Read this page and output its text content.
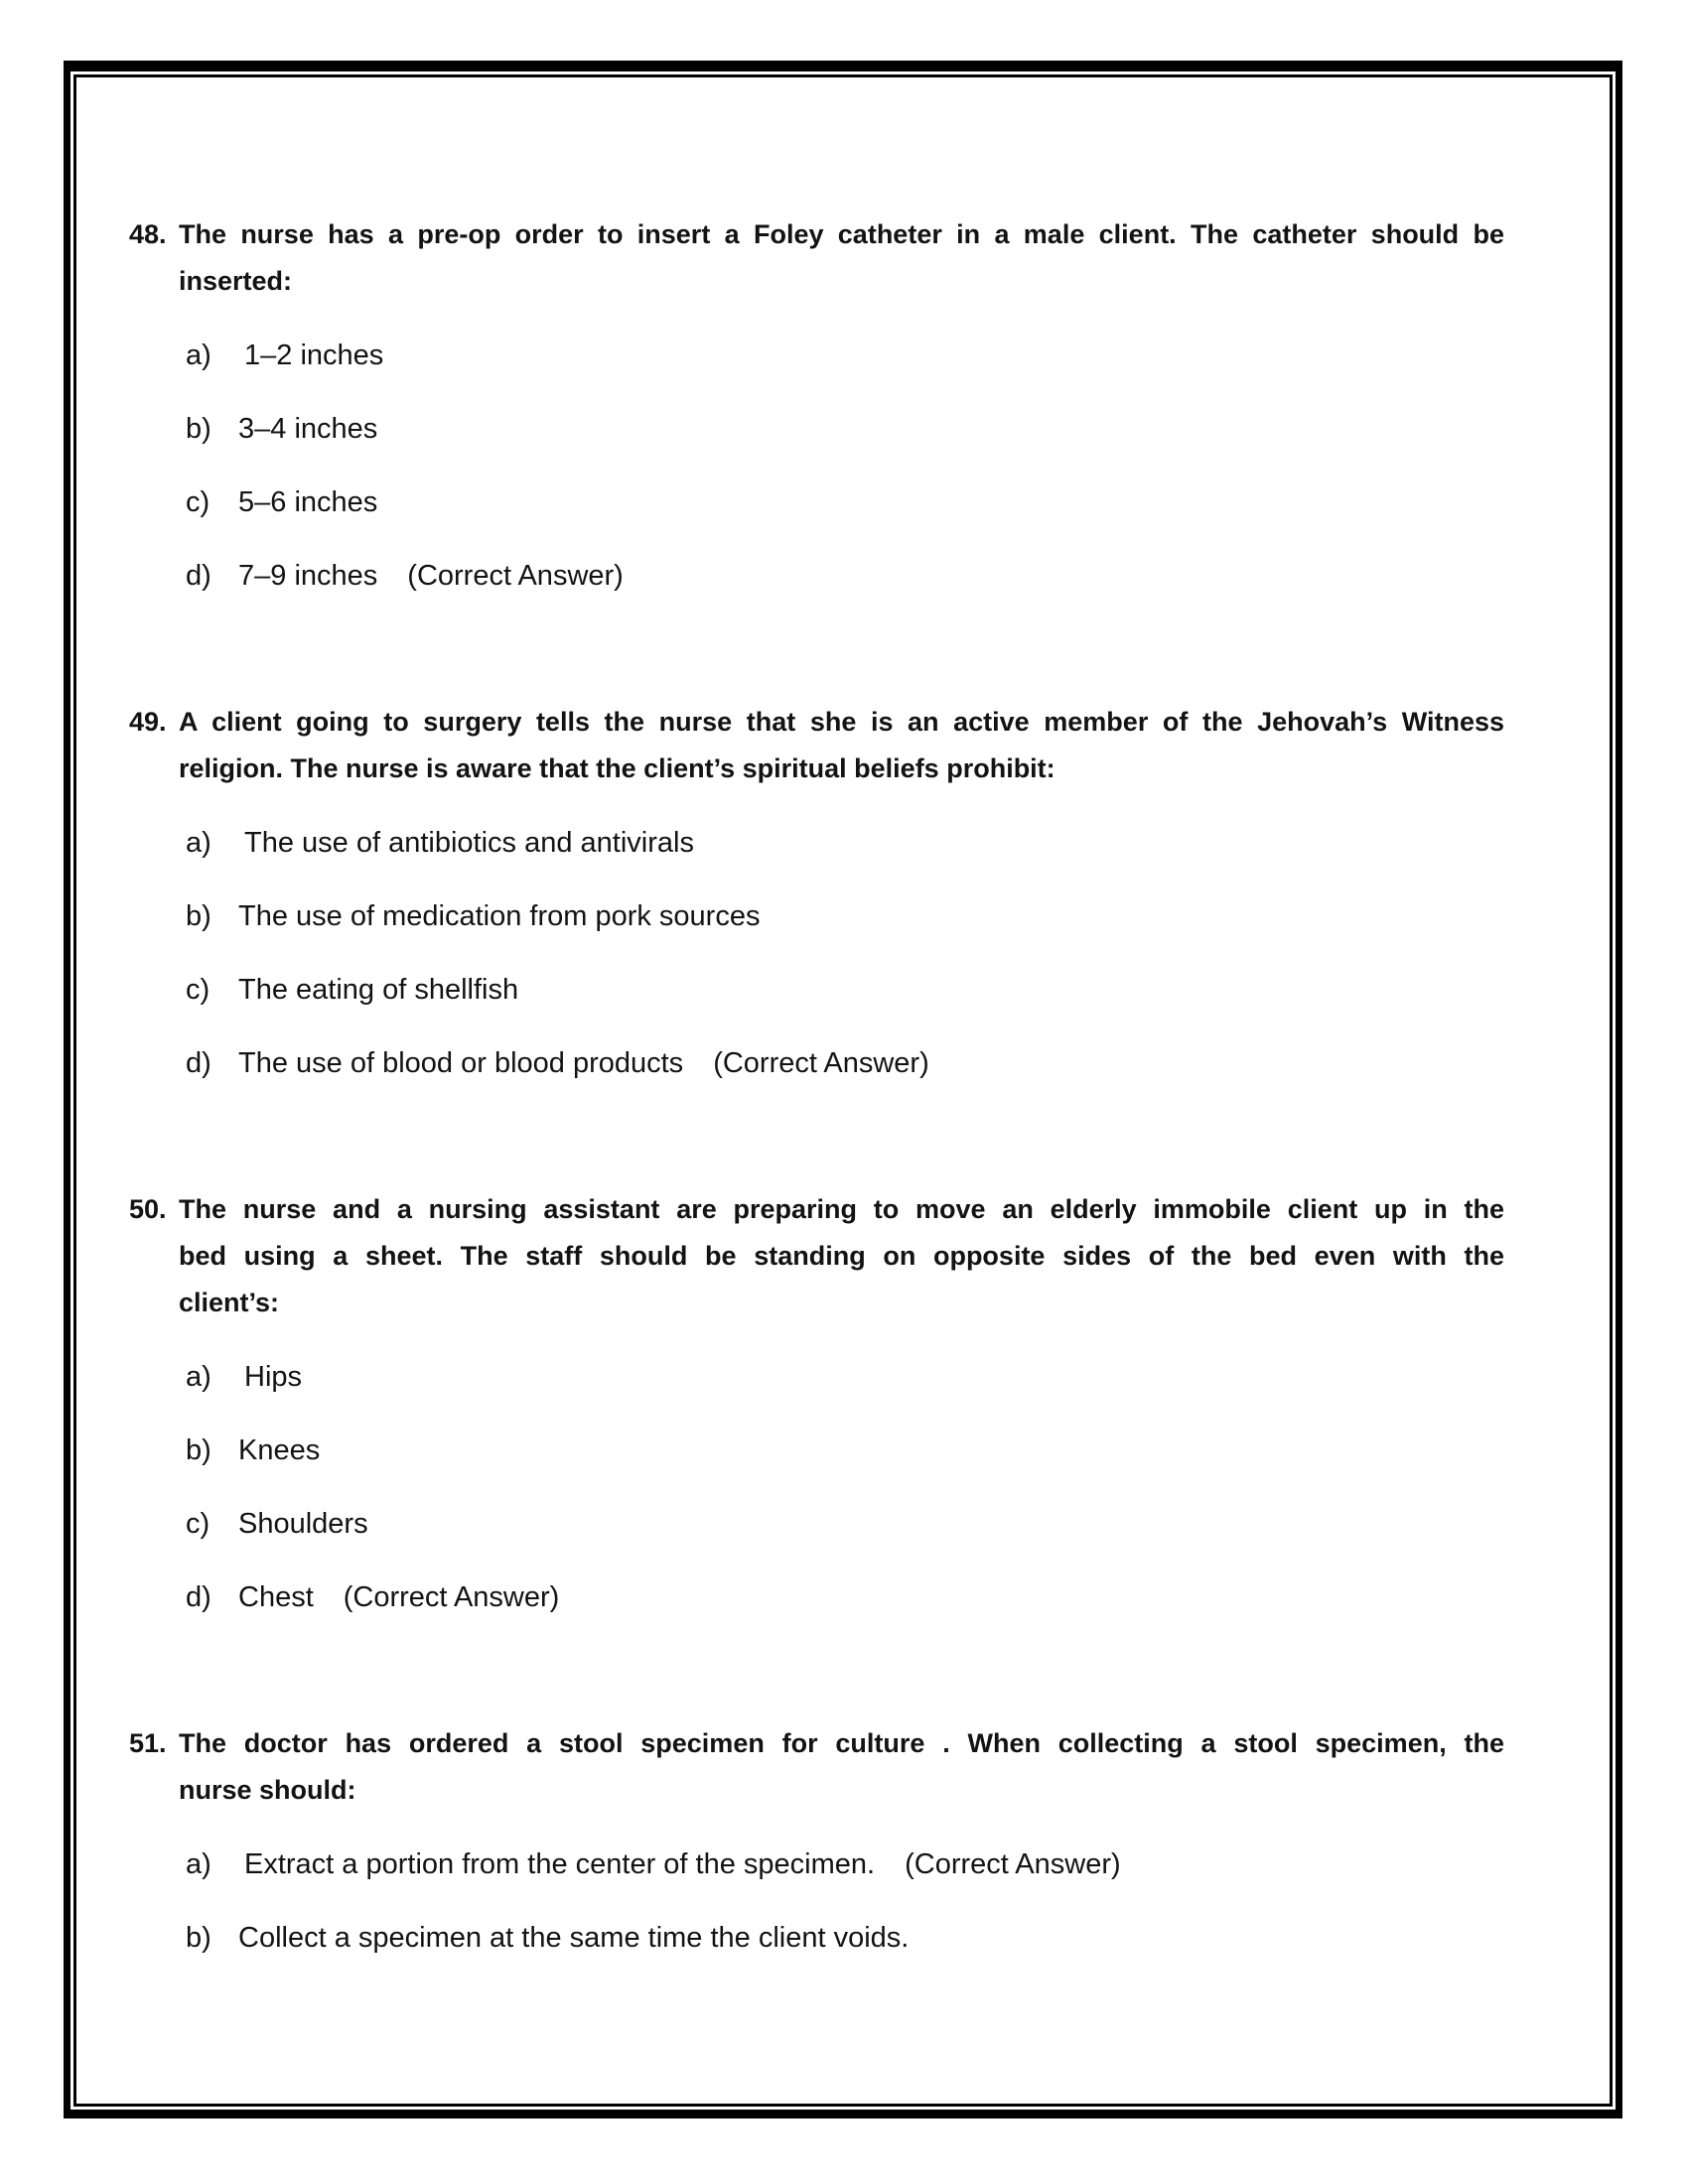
48. The nurse has a pre-op order to insert a Foley catheter in a male client. The catheter should be
inserted:
a)	1–2 inches
b) 3–4 inches
c) 5–6 inches
d) 7–9 inches (Correct Answer)
49. A client going to surgery tells the nurse that she is an active member of the Jehovah’s Witness
religion. The nurse is aware that the client’s spiritual beliefs prohibit:
a)	The use of antibiotics and antivirals
b) The use of medication from pork sources
c) The eating of shellfish
d) The use of blood or blood products (Correct Answer)
50. The nurse and a nursing assistant are preparing to move an elderly immobile client up in the
bed using a sheet. The staff should be standing on opposite sides of the bed even with the
client’s:
a)	Hips
b) Knees
c) Shoulders
d) Chest (Correct Answer)
51. The doctor has ordered a stool specimen for culture . When collecting a stool specimen, the
nurse should:
a)	Extract a portion from the center of the specimen. (Correct Answer)
b) Collect a specimen at the same time the client voids.
